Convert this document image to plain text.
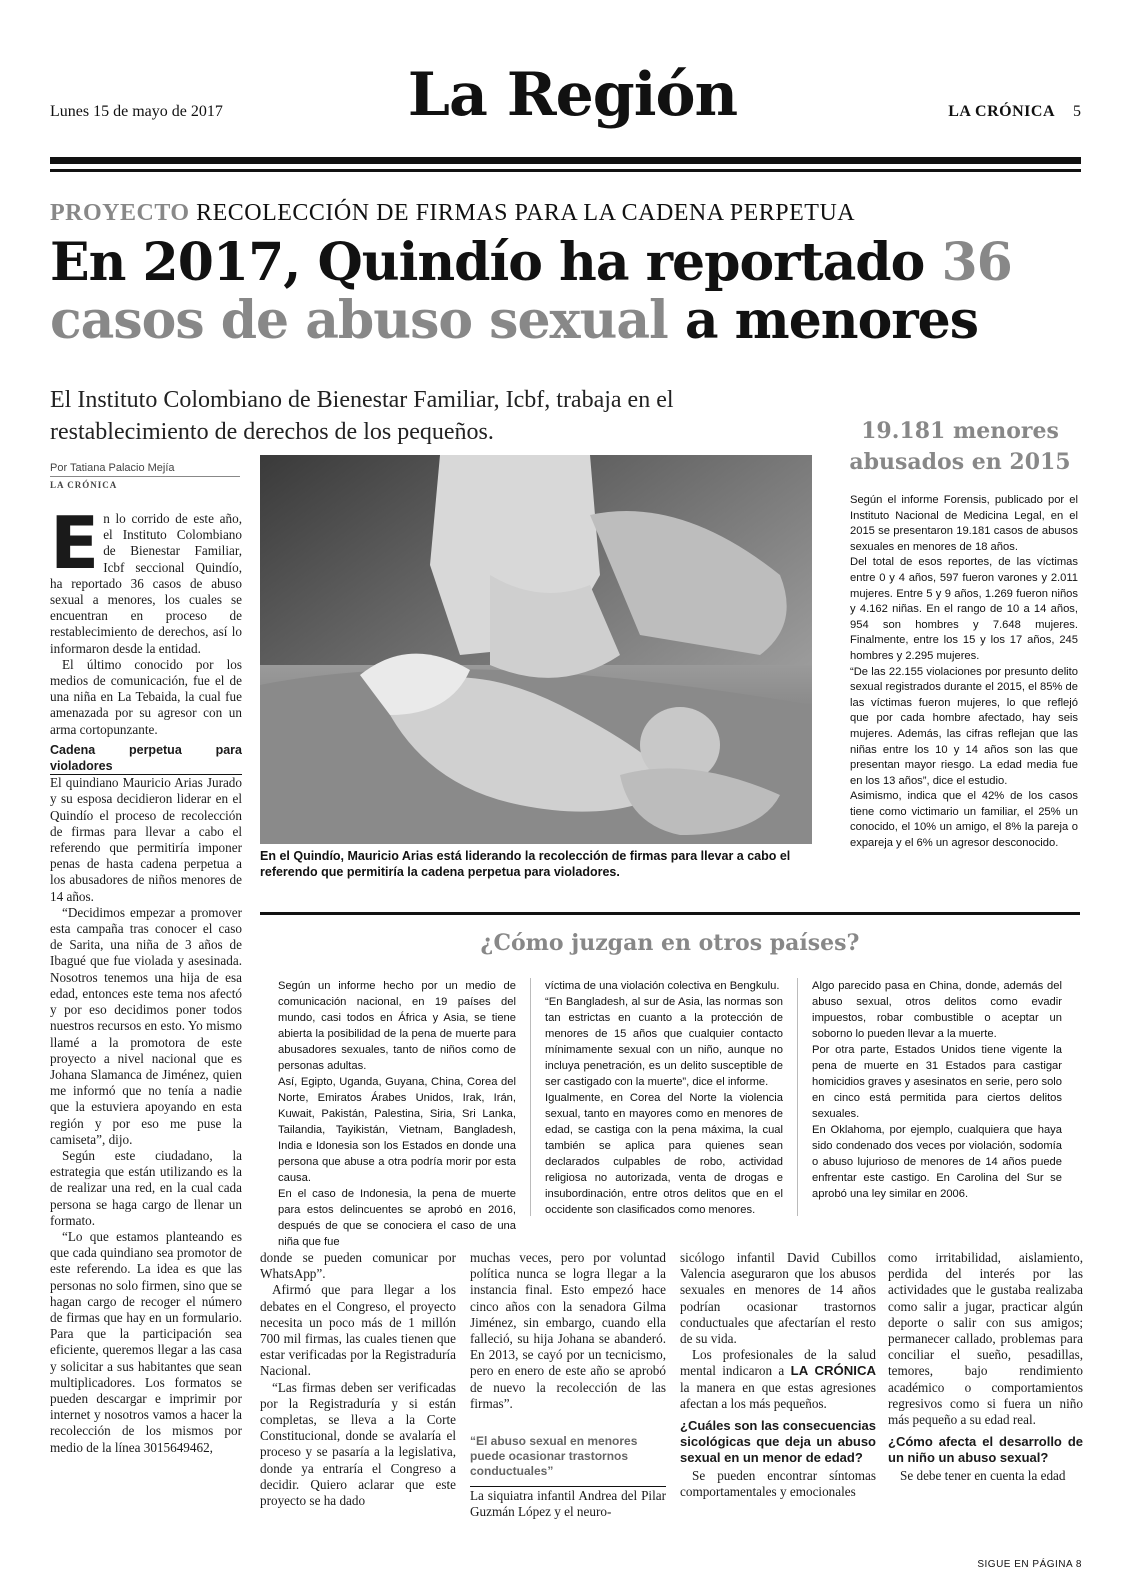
Lunes 15 de mayo de 2017	La Región	LA CRÓNICA 5
PROYECTO RECOLECCIÓN DE FIRMAS PARA LA CADENA PERPETUA
En 2017, Quindío ha reportado 36 casos de abuso sexual a menores
El Instituto Colombiano de Bienestar Familiar, Icbf, trabaja en el restablecimiento de derechos de los pequeños.
Por Tatiana Palacio Mejía
LA CRÓNICA

En lo corrido de este año, el Instituto Colombiano de Bienestar Familiar, Icbf seccional Quindío, ha reportado 36 casos de abuso sexual a menores, los cuales se encuentran en proceso de restablecimiento de derechos, así lo informaron desde la entidad.

El último conocido por los medios de comunicación, fue el de una niña en La Tebaida, la cual fue amenazada por su agresor con un arma cortopunzante.

Cadena perpetua para violadores

El quindiano Mauricio Arias Jurado y su esposa decidieron liderar en el Quindío el proceso de recolección de firmas para llevar a cabo el referendo que permitiría imponer penas de hasta cadena perpetua a los abusadores de niños menores de 14 años.

“Decidimos empezar a promover esta campaña tras conocer el caso de Sarita, una niña de 3 años de Ibagué que fue violada y asesinada. Nosotros tenemos una hija de esa edad, entonces este tema nos afectó y por eso decidimos poner todos nuestros recursos en esto. Yo mismo llamé a la promotora de este proyecto a nivel nacional que es Johana Slamanca de Jiménez, quien me informó que no tenía a nadie que la estuviera apoyando en esta región y por eso me puse la camiseta”, dijo.

Según este ciudadano, la estrategia que están utilizando es la de realizar una red, en la cual cada persona se haga cargo de llenar un formato.

“Lo que estamos planteando es que cada quindiano sea promotor de este referendo. La idea es que las personas no solo firmen, sino que se hagan cargo de recoger el número de firmas que hay en un formulario. Para que la participación sea eficiente, queremos llegar a las casa y solicitar a sus habitantes que sean multiplicadores. Los formatos se pueden descargar e imprimir por internet y nosotros vamos a hacer la recolección de los mismos por medio de la línea 3015649462,

En el Quindío, Mauricio Arias está liderando la recolección de firmas para llevar a cabo el referendo que permitiría la cadena perpetua para violadores.
19.181 menores
abusados en 2015

Según el informe Forensis, publicado por el Instituto Nacional de Medicina Legal, en el 2015 se presentaron 19.181 casos de abusos sexuales en menores de 18 años.

Del total de esos reportes, de las víctimas entre 0 y 4 años, 597 fueron varones y 2.011 mujeres. Entre 5 y 9 años, 1.269 fueron niños y 4.162 niñas. En el rango de 10 a 14 años, 954 son hombres y 7.648 mujeres. Finalmente, entre los 15 y los 17 años, 245 hombres y 2.295 mujeres.

“De las 22.155 violaciones por presunto delito sexual registrados durante el 2015, el 85% de las víctimas fueron mujeres, lo que reflejó que por cada hombre afectado, hay seis mujeres. Además, las cifras reflejan que las niñas entre los 10 y 14 años son las que presentan mayor riesgo. La edad media fue en los 13 años”, dice el estudio.

Asimismo, indica que el 42% de los casos tiene como victimario un familiar, el 25% un conocido, el 10% un amigo, el 8% la pareja o expareja y el 6% un agresor desconocido.

¿Cómo juzgan en otros países?

Según un informe hecho por un medio de comunicación nacional, en 19 países del mundo, casi todos en África y Asia, se tiene abierta la posibilidad de la pena de muerte para abusadores sexuales, tanto de niños como de personas adultas.

Así, Egipto, Uganda, Guyana, China, Corea del Norte, Emiratos Árabes Unidos, Irak, Irán, Kuwait, Pakistán, Palestina, Siria, Sri Lanka, Tailandia, Tayikistán, Vietnam, Bangladesh, India e Idonesia son los Estados en donde una persona que abuse a otra podría morir por esta causa.

En el caso de Indonesia, la pena de muerte para estos delincuentes se aprobó en 2016, después de que se conociera el caso de una niña que fue

víctima de una violación colectiva en Bengkulu.

“En Bangladesh, al sur de Asia, las normas son tan estrictas en cuanto a la protección de menores de 15 años que cualquier contacto mínimamente sexual con un niño, aunque no incluya penetración, es un delito susceptible de ser castigado con la muerte”, dice el informe.

Igualmente, en Corea del Norte la violencia sexual, tanto en mayores como en menores de edad, se castiga con la pena máxima, la cual también se aplica para quienes sean declarados culpables de robo, actividad religiosa no autorizada, venta de drogas e insubordinación, entre otros delitos que en el occidente son clasificados como menores.

Algo parecido pasa en China, donde, además del abuso sexual, otros delitos como evadir impuestos, robar combustible o aceptar un soborno lo pueden llevar a la muerte.

Por otra parte, Estados Unidos tiene vigente la pena de muerte en 31 Estados para castigar homicidios graves y asesinatos en serie, pero solo en cinco está permitida para ciertos delitos sexuales.

En Oklahoma, por ejemplo, cualquiera que haya sido condenado dos veces por violación, sodomía o abuso lujurioso de menores de 14 años puede enfrentar este castigo. En Carolina del Sur se aprobó una ley similar en 2006.

donde se pueden comunicar por WhatsApp”.

Afirmó que para llegar a los debates en el Congreso, el proyecto necesita un poco más de 1 millón 700 mil firmas, las cuales tienen que estar verificadas por la Registraduría Nacional.

“Las firmas deben ser verificadas por la Registraduría y si están completas, se lleva a la Corte Constitucional, donde se avalaría el proceso y se pasaría a la legislativa, donde ya entraría el Congreso a decidir. Quiero aclarar que este proyecto se ha dado

muchas veces, pero por voluntad política nunca se logra llegar a la instancia final. Esto empezó hace cinco años con la senadora Gilma Jiménez, sin embargo, cuando ella falleció, su hija Johana se abanderó. En 2013, se cayó por un tecnicismo, pero en enero de este año se aprobó de nuevo la recolección de las firmas”.

“El abuso sexual en menores puede ocasionar trastornos conductuales”

La siquiatra infantil Andrea del Pilar Guzmán López y el neuro-

sicólogo infantil David Cubillos Valencia aseguraron que los abusos sexuales en menores de 14 años podrían ocasionar trastornos conductuales que afectarían el resto de su vida.

Los profesionales de la salud mental indicaron a LA CRÓNICA la manera en que estas agresiones afectan a los más pequeños.

¿Cuáles son las consecuencias sicológicas que deja un abuso sexual en un menor de edad?

Se pueden encontrar síntomas comportamentales y emocionales

como irritabilidad, aislamiento, perdida del interés por las actividades que le gustaba realizaba como salir a jugar, practicar algún deporte o salir con sus amigos; permanecer callado, problemas para conciliar el sueño, pesadillas, temores, bajo rendimiento académico o comportamientos regresivos como si fuera un niño más pequeño a su edad real.

¿Cómo afecta el desarrollo de un niño un abuso sexual?

Se debe tener en cuenta la edad

SIGUE EN PÁGINA 8
